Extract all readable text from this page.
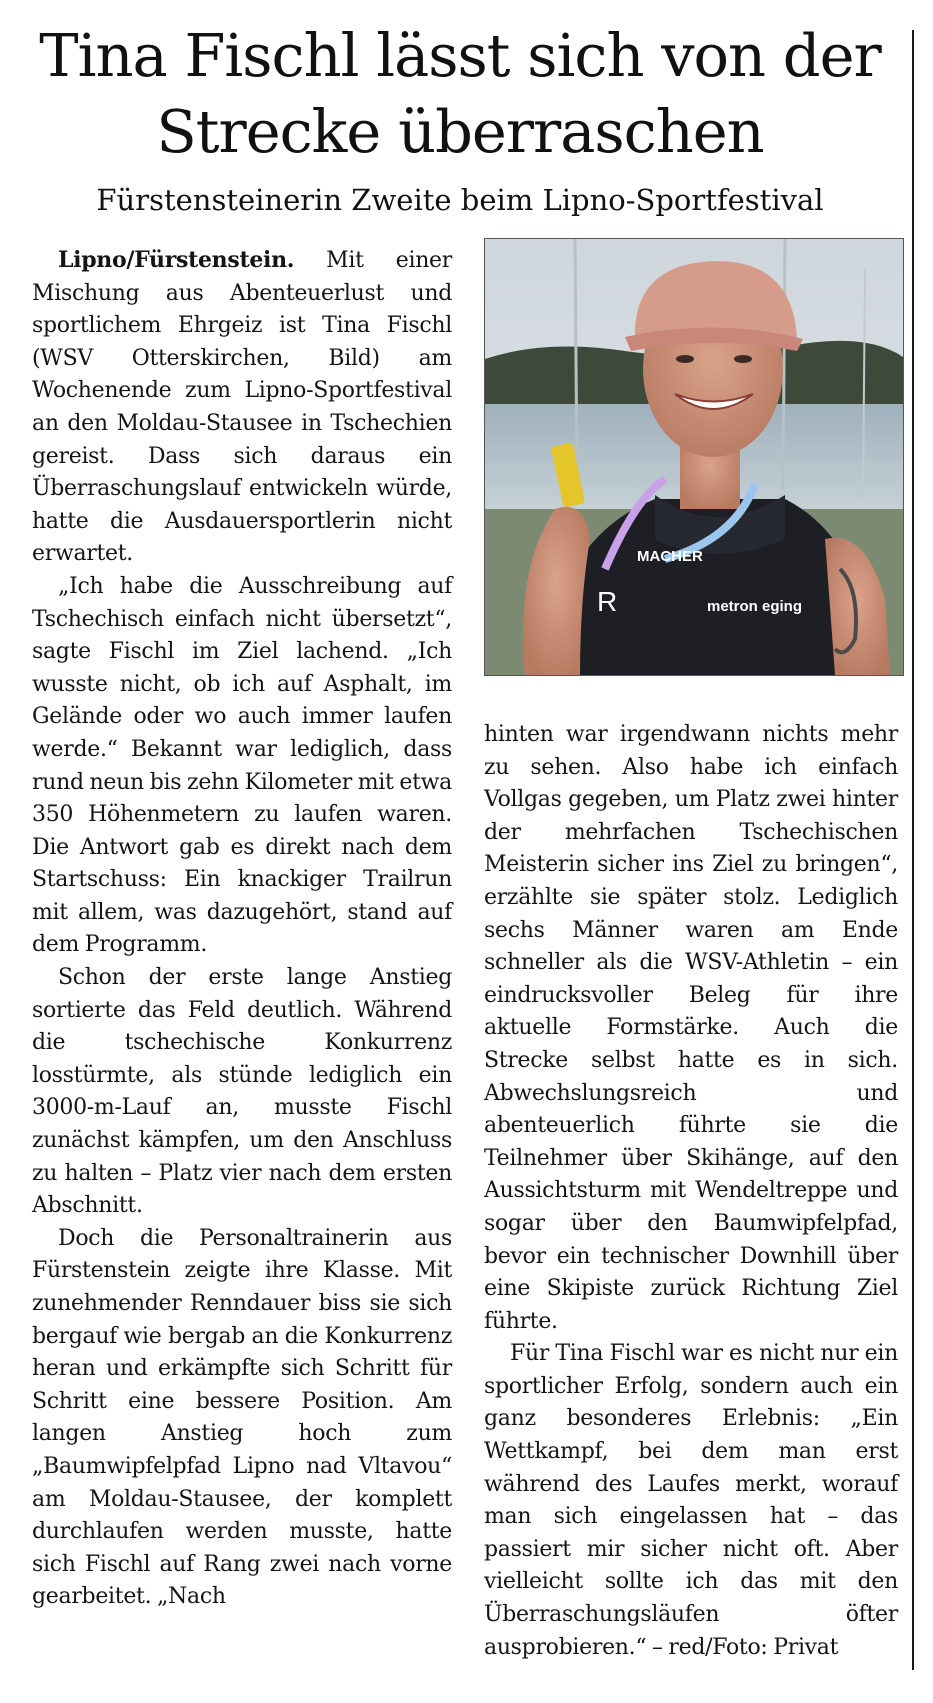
Tina Fischl lässt sich von der Strecke überraschen
Fürstensteinerin Zweite beim Lipno-Sportfestival

Lipno/Fürstenstein. Mit einer Mischung aus Abenteuerlust und sportlichem Ehrgeiz ist Tina Fischl (WSV Otterskirchen, Bild) am Wochenende zum Lipno-Sportfestival an den Moldau-Stausee in Tschechien gereist. Dass sich daraus ein Überraschungslauf entwickeln würde, hatte die Ausdauersportlerin nicht erwartet.

„Ich habe die Ausschreibung auf Tschechisch einfach nicht übersetzt“, sagte Fischl im Ziel lachend. „Ich wusste nicht, ob ich auf Asphalt, im Gelände oder wo auch immer laufen werde.“ Bekannt war lediglich, dass rund neun bis zehn Kilometer mit etwa 350 Höhenmetern zu laufen waren. Die Antwort gab es direkt nach dem Startschuss: Ein knackiger Trailrun mit allem, was dazugehört, stand auf dem Programm.

Schon der erste lange Anstieg sortierte das Feld deutlich. Während die tschechische Konkurrenz losstürmte, als stünde lediglich ein 3000-m-Lauf an, musste Fischl zunächst kämpfen, um den Anschluss zu halten – Platz vier nach dem ersten Abschnitt.

Doch die Personaltrainerin aus Fürstenstein zeigte ihre Klasse. Mit zunehmender Renndauer biss sie sich bergauf wie bergab an die Konkurrenz heran und erkämpfte sich Schritt für Schritt eine bessere Position. Am langen Anstieg hoch zum „Baumwipfelpfad Lipno nad Vltavou“ am Moldau-Stausee, der komplett durchlaufen werden musste, hatte sich Fischl auf Rang zwei nach vorne gearbeitet. „Nach

MACHER
R	metron eging

hinten war irgendwann nichts mehr zu sehen. Also habe ich einfach Vollgas gegeben, um Platz zwei hinter der mehrfachen Tschechischen Meisterin sicher ins Ziel zu bringen“, erzählte sie später stolz. Lediglich sechs Männer waren am Ende schneller als die WSV-Athletin – ein eindrucksvoller Beleg für ihre aktuelle Formstärke. Auch die Strecke selbst hatte es in sich. Abwechslungsreich und abenteuerlich führte sie die Teilnehmer über Skihänge, auf den Aussichtsturm mit Wendeltreppe und sogar über den Baumwipfelpfad, bevor ein technischer Downhill über eine Skipiste zurück Richtung Ziel führte.

Für Tina Fischl war es nicht nur ein sportlicher Erfolg, sondern auch ein ganz besonderes Erlebnis: „Ein Wettkampf, bei dem man erst während des Laufes merkt, worauf man sich eingelassen hat – das passiert mir sicher nicht oft. Aber vielleicht sollte ich das mit den Überraschungsläufen öfter ausprobieren.“ – red/Foto: Privat
